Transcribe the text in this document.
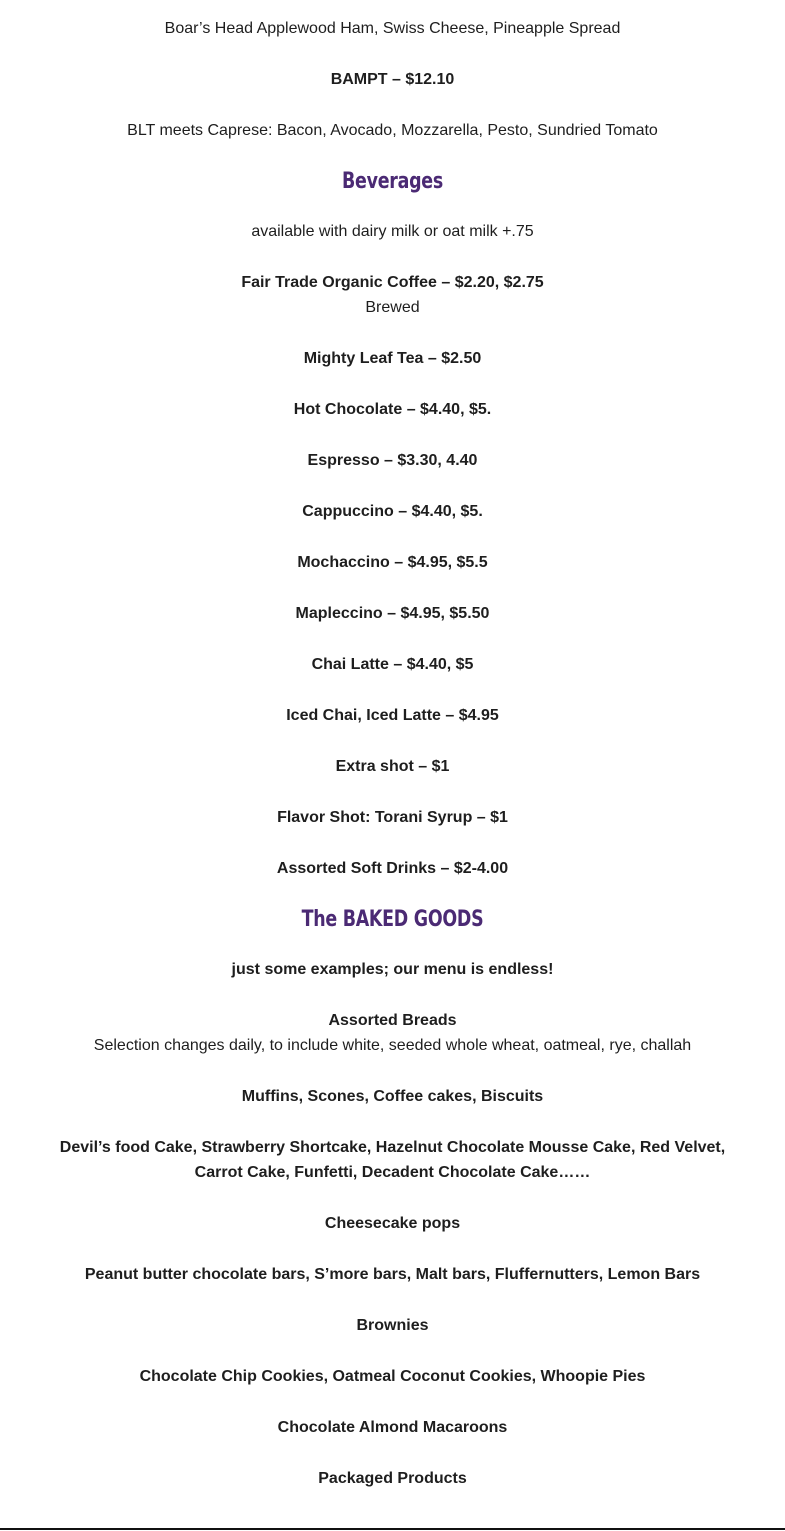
Boar’s Head Applewood Ham, Swiss Cheese, Pineapple Spread

BAMPT – $12.10

BLT meets Caprese: Bacon, Avocado, Mozzarella, Pesto, Sundried Tomato

Beverages

available with dairy milk or oat milk +.75

Fair Trade Organic Coffee – $2.20, $2.75

Brewed

Mighty Leaf Tea – $2.50

Hot Chocolate – $4.40, $5.

Espresso – $3.30, 4.40

Cappuccino – $4.40, $5.

Mochaccino – $4.95, $5.5

Mapleccino – $4.95, $5.50

Chai Latte – $4.40, $5

Iced Chai, Iced Latte – $4.95

Extra shot – $1

Flavor Shot: Torani Syrup – $1

Assorted Soft Drinks – $2-4.00

The BAKED GOODS

just some examples; our menu is endless!

Assorted Breads

Selection changes daily, to include white, seeded whole wheat, oatmeal, rye, challah

Muffins, Scones, Coffee cakes, Biscuits

Devil’s food Cake, Strawberry Shortcake, Hazelnut Chocolate Mousse Cake, Red Velvet,

Carrot Cake, Funfetti, Decadent Chocolate Cake……

Cheesecake pops

Peanut butter chocolate bars, S’more bars, Malt bars, Fluffernutters, Lemon Bars

Brownies

Chocolate Chip Cookies, Oatmeal Coconut Cookies, Whoopie Pies

Chocolate Almond Macaroons

Packaged Products
